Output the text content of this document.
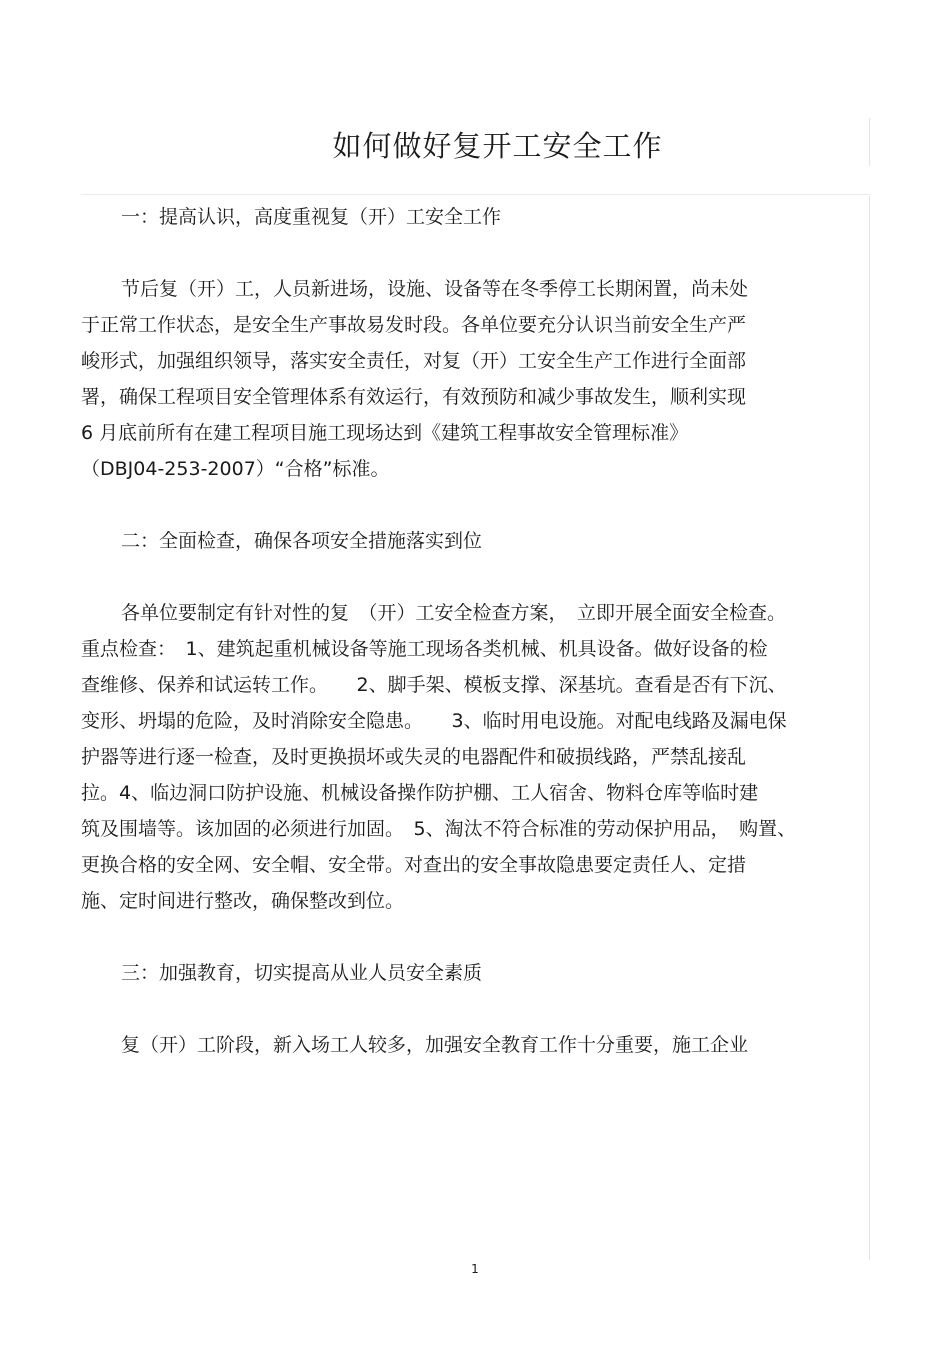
如何做好复开工安全工作
一：提高认识，高度重视复（开）工安全工作
节后复（开）工，人员新进场，设施、设备等在冬季停工长期闲置，尚未处
于正常工作状态，是安全生产事故易发时段。各单位要充分认识当前安全生产严
峻形式，加强组织领导，落实安全责任，对复（开）工安全生产工作进行全面部
署，确保工程项目安全管理体系有效运行，有效预防和减少事故发生，顺利实现
6 月底前所有在建工程项目施工现场达到《建筑工程事故安全管理标准》
（DBJ04-253-2007）“合格”标准。
二：全面检查，确保各项安全措施落实到位
各单位要制定有针对性的复　（开）工安全检查方案，　立即开展全面安全检查。
重点检查：　1、建筑起重机械设备等施工现场各类机械、机具设备。做好设备的检
查维修、保养和试运转工作。　　2、脚手架、模板支撑、深基坑。查看是否有下沉、
变形、坍塌的危险，及时消除安全隐患。　　3、临时用电设施。对配电线路及漏电保
护器等进行逐一检查，及时更换损坏或失灵的电器配件和破损线路，严禁乱接乱
拉。4、临边洞口防护设施、机械设备操作防护棚、工人宿舍、物料仓库等临时建
筑及围墙等。该加固的必须进行加固。　5、淘汰不符合标准的劳动保护用品，　购置、
更换合格的安全网、安全帽、安全带。对查出的安全事故隐患要定责任人、定措
施、定时间进行整改，确保整改到位。
三：加强教育，切实提高从业人员安全素质
复（开）工阶段，新入场工人较多，加强安全教育工作十分重要，施工企业
1
